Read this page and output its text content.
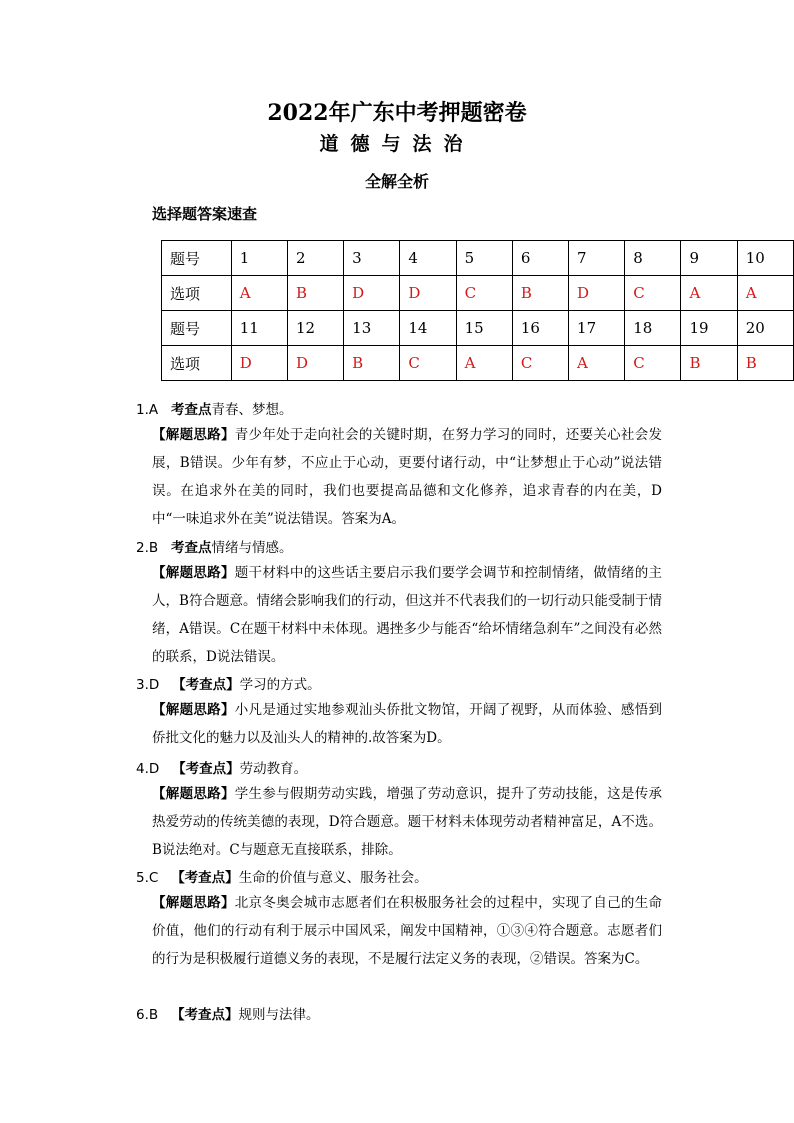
2022年广东中考押题密卷
道德与法治
全解全析
选择题答案速查
题号	1	2	3	4	5	6	7	8	9	10
选项	A	B	D	D	C	B	D	C	A	A
题号	11	12	13	14	15	16	17	18	19	20
选项	D	D	B	C	A	C	A	C	B	B
1.A 考查点青春、梦想。
【解题思路】青少年处于走向社会的关键时期，在努力学习的同时，还要关心社会发展，B错误。少年有梦，不应止于心动，更要付诸行动，中“让梦想止于心动”说法错误。在追求外在美的同时，我们也要提高品德和文化修养，追求青春的内在美，D中“一味追求外在美”说法错误。答案为A。
2.B 考查点情绪与情感。
【解题思路】题干材料中的这些话主要启示我们要学会调节和控制情绪，做情绪的主人，B符合题意。情绪会影响我们的行动，但这并不代表我们的一切行动只能受制于情绪，A错误。C在题干材料中未体现。遇挫多少与能否“给坏情绪急刹车”之间没有必然的联系，D说法错误。
3.D 【考查点】学习的方式。
【解题思路】小凡是通过实地参观汕头侨批文物馆，开阔了视野，从而体验、感悟到侨批文化的魅力以及汕头人的精神的.故答案为D。
4.D 【考查点】劳动教育。
【解题思路】学生参与假期劳动实践，增强了劳动意识，提升了劳动技能，这是传承热爱劳动的传统美德的表现，D符合题意。题干材料未体现劳动者精神富足，A不选。B说法绝对。C与题意无直接联系，排除。
5.C 【考查点】生命的价值与意义、服务社会。
【解题思路】北京冬奥会城市志愿者们在积极服务社会的过程中，实现了自己的生命价值，他们的行动有利于展示中国风采，阐发中国精神，①③④符合题意。志愿者们的行为是积极履行道德义务的表现，不是履行法定义务的表现，②错误。答案为C。
6.B 【考查点】规则与法律。
